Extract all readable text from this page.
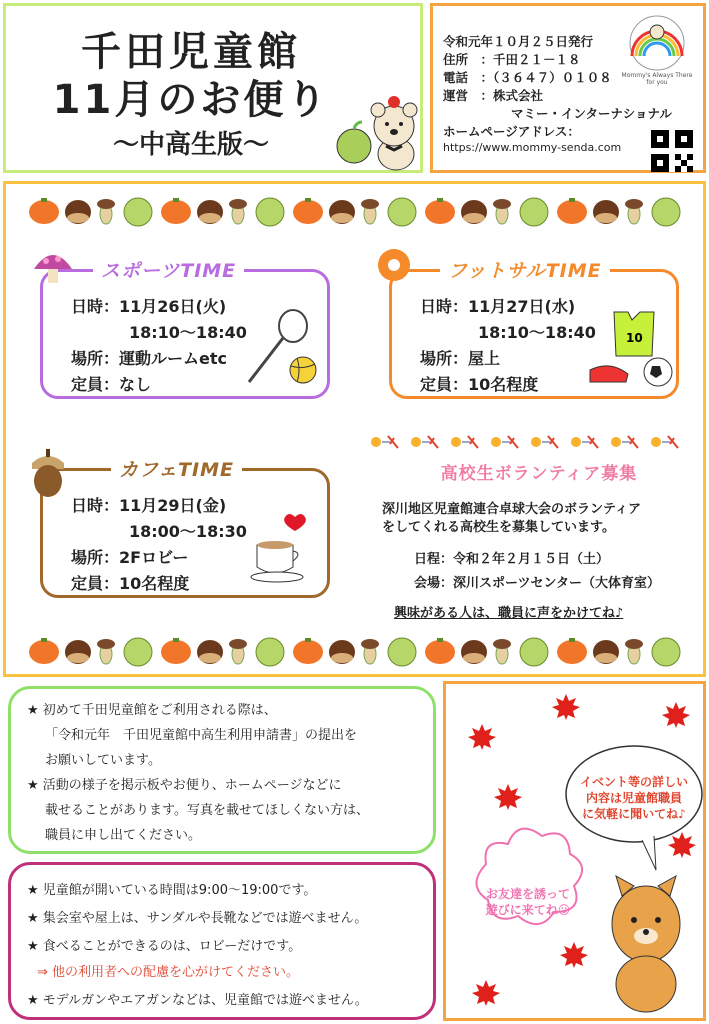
千田児童館
11月のお便り
〜中高生版〜
令和元年１０月２５日発行
住所　：千田２１－１８
電話　：（３６４７）０１０８
運営　：株式会社
マミー・インターナショナル
ホームページアドレス：
https://www.mommy-senda.com
Mommy's Always There for you
スポーツTIME
日時：11月26日(火)
18:10〜18:40
場所：運動ルームetc
定員：なし
フットサルTIME
日時：11月27日(水)
18:10〜18:40
場所：屋上
定員：10名程度
10
カフェTIME
日時：11月29日(金)
18:00〜18:30
場所：2Fロビー
定員：10名程度
高校生ボランティア募集
深川地区児童館連合卓球大会のボランティア
をしてくれる高校生を募集しています。
日程：令和２年２月１５日（土）
会場：深川スポーツセンター（大体育室）
興味がある人は、職員に声をかけてね♪
★ 初めて千田児童館をご利用される際は、
「令和元年　千田児童館中高生利用申請書」の提出を
お願いしています。
★ 活動の様子を掲示板やお便り、ホームページなどに
載せることがあります。写真を載せてほしくない方は、
職員に申し出てください。
★ 児童館が開いている時間は9:00〜19:00です。
★ 集会室や屋上は、サンダルや長靴などでは遊べません。
★ 食べることができるのは、ロビーだけです。
⇒ 他の利用者への配慮を心がけてください。
★ モデルガンやエアガンなどは、児童館では遊べません。
イベント等の詳しい
内容は児童館職員
に気軽に聞いてね♪
お友達を誘って
遊びに来てね☺
